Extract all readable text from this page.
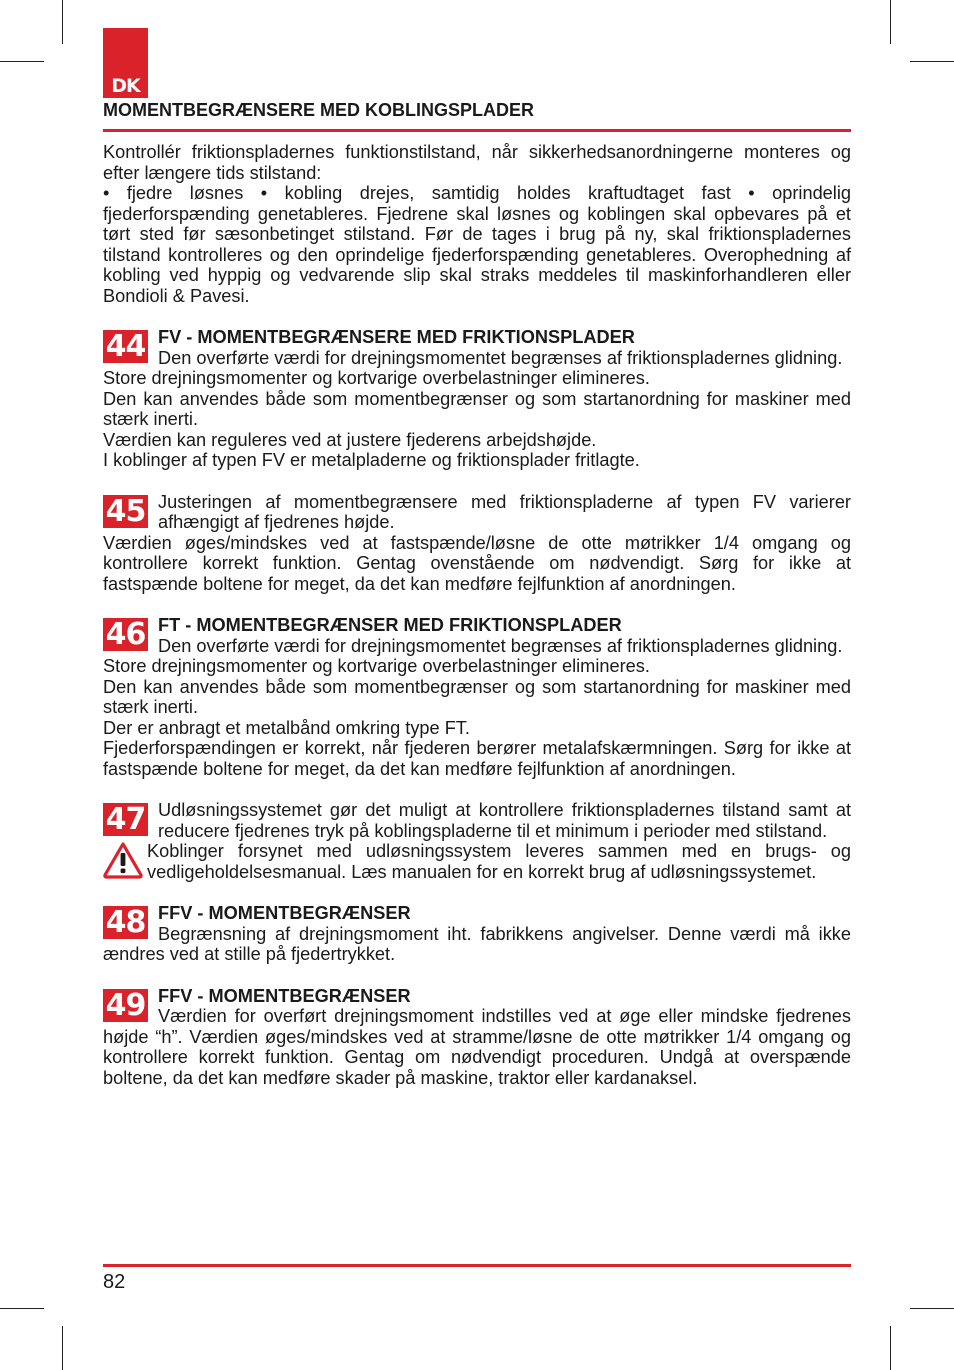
DK
MOMENTBEGRÆNSERE MED KOBLINGSPLADER

Kontrollér friktionspladernes funktionstilstand, når sikkerhedsanordningerne monteres og efter længere tids stilstand:

• fjedre løsnes • kobling drejes, samtidig holdes kraftudtaget fast • oprindelig fjederforspænding genetableres. Fjedrene skal løsnes og koblingen skal opbevares på et tørt sted før sæsonbetinget stilstand. Før de tages i brug på ny, skal friktionspladernes tilstand kontrolleres og den oprindelige fjederforspænding genetableres. Overophedning af kobling ved hyppig og vedvarende slip skal straks meddeles til maskinforhandleren eller Bondioli & Pavesi.

44 FV - MOMENTBEGRÆNSERE MED FRIKTIONSPLADER

Den overførte værdi for drejningsmomentet begrænses af friktionspladernes glidning.

Store drejningsmomenter og kortvarige overbelastninger elimineres.

Den kan anvendes både som momentbegrænser og som startanordning for maskiner med stærk inerti.

Værdien kan reguleres ved at justere fjederens arbejdshøjde.

I koblinger af typen FV er metalpladerne og friktionsplader fritlagte.

45 Justeringen af momentbegrænsere med friktionspladerne af typen FV varierer afhængigt af fjedrenes højde.

Værdien øges/mindskes ved at fastspænde/løsne de otte møtrikker 1/4 omgang og kontrollere korrekt funktion. Gentag ovenstående om nødvendigt. Sørg for ikke at fastspænde boltene for meget, da det kan medføre fejlfunktion af anordningen.

46 FT - MOMENTBEGRÆNSER MED FRIKTIONSPLADER

Den overførte værdi for drejningsmomentet begrænses af friktionspladernes glidning.

Store drejningsmomenter og kortvarige overbelastninger elimineres.

Den kan anvendes både som momentbegrænser og som startanordning for maskiner med stærk inerti.

Der er anbragt et metalbånd omkring type FT.

Fjederforspændingen er korrekt, når fjederen berører metalafskærmningen. Sørg for ikke at fastspænde boltene for meget, da det kan medføre fejlfunktion af anordningen.

47 Udløsningssystemet gør det muligt at kontrollere friktionspladernes tilstand samt at reducere fjedrenes tryk på koblingspladerne til et minimum i perioder med stilstand.

Koblinger forsynet med udløsningssystem leveres sammen med en brugs- og vedligeholdelsesmanual. Læs manualen for en korrekt brug af udløsningssystemet.

48 FFV - MOMENTBEGRÆNSER

Begrænsning af drejningsmoment iht. fabrikkens angivelser. Denne værdi må ikke ændres ved at stille på fjedertrykket.

49 FFV - MOMENTBEGRÆNSER

Værdien for overført drejningsmoment indstilles ved at øge eller mindske fjedrenes højde “h”. Værdien øges/mindskes ved at stramme/løsne de otte møtrikker 1/4 omgang og kontrollere korrekt funktion. Gentag om nødvendigt proceduren. Undgå at overspænde boltene, da det kan medføre skader på maskine, traktor eller kardanaksel.

82
